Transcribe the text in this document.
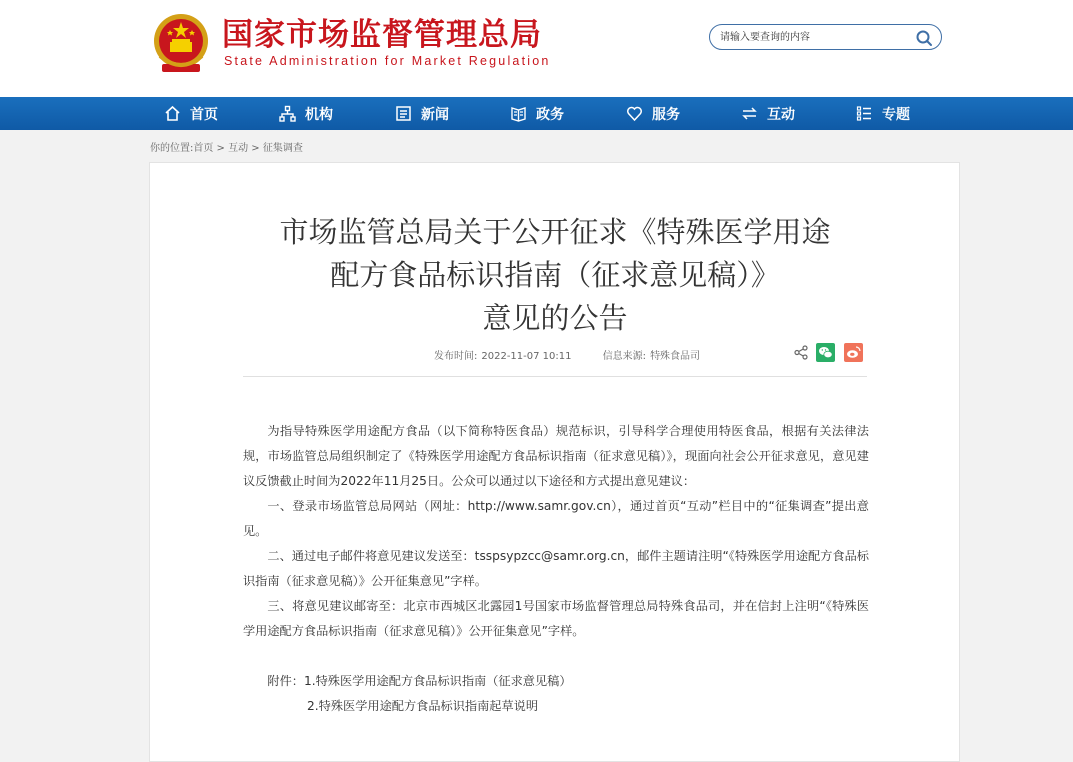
国家市场监督管理总局
State Administration for Market Regulation
请输入要查询的内容
首页	机构	新闻	政务	服务	互动	专题
你的位置:首页 > 互动 > 征集调查
市场监管总局关于公开征求《特殊医学用途
配方食品标识指南（征求意见稿）》
意见的公告
发布时间: 2022-11-07 10:11	信息来源: 特殊食品司

为指导特殊医学用途配方食品（以下简称特医食品）规范标识，引导科学合理使用特医食品，根据有关法律法规，市场监管总局组织制定了《特殊医学用途配方食品标识指南（征求意见稿）》，现面向社会公开征求意见，意见建议反馈截止时间为2022年11月25日。公众可以通过以下途径和方式提出意见建议：

一、登录市场监管总局网站（网址：http://www.samr.gov.cn），通过首页“互动”栏目中的“征集调查”提出意见。

二、通过电子邮件将意见建议发送至：tsspsypzcc@samr.org.cn，邮件主题请注明“《特殊医学用途配方食品标识指南（征求意见稿）》公开征集意见”字样。

三、将意见建议邮寄至：北京市西城区北露园1号国家市场监督管理总局特殊食品司，并在信封上注明“《特殊医学用途配方食品标识指南（征求意见稿）》公开征集意见”字样。

附件：1.特殊医学用途配方食品标识指南（征求意见稿）

2.特殊医学用途配方食品标识指南起草说明
